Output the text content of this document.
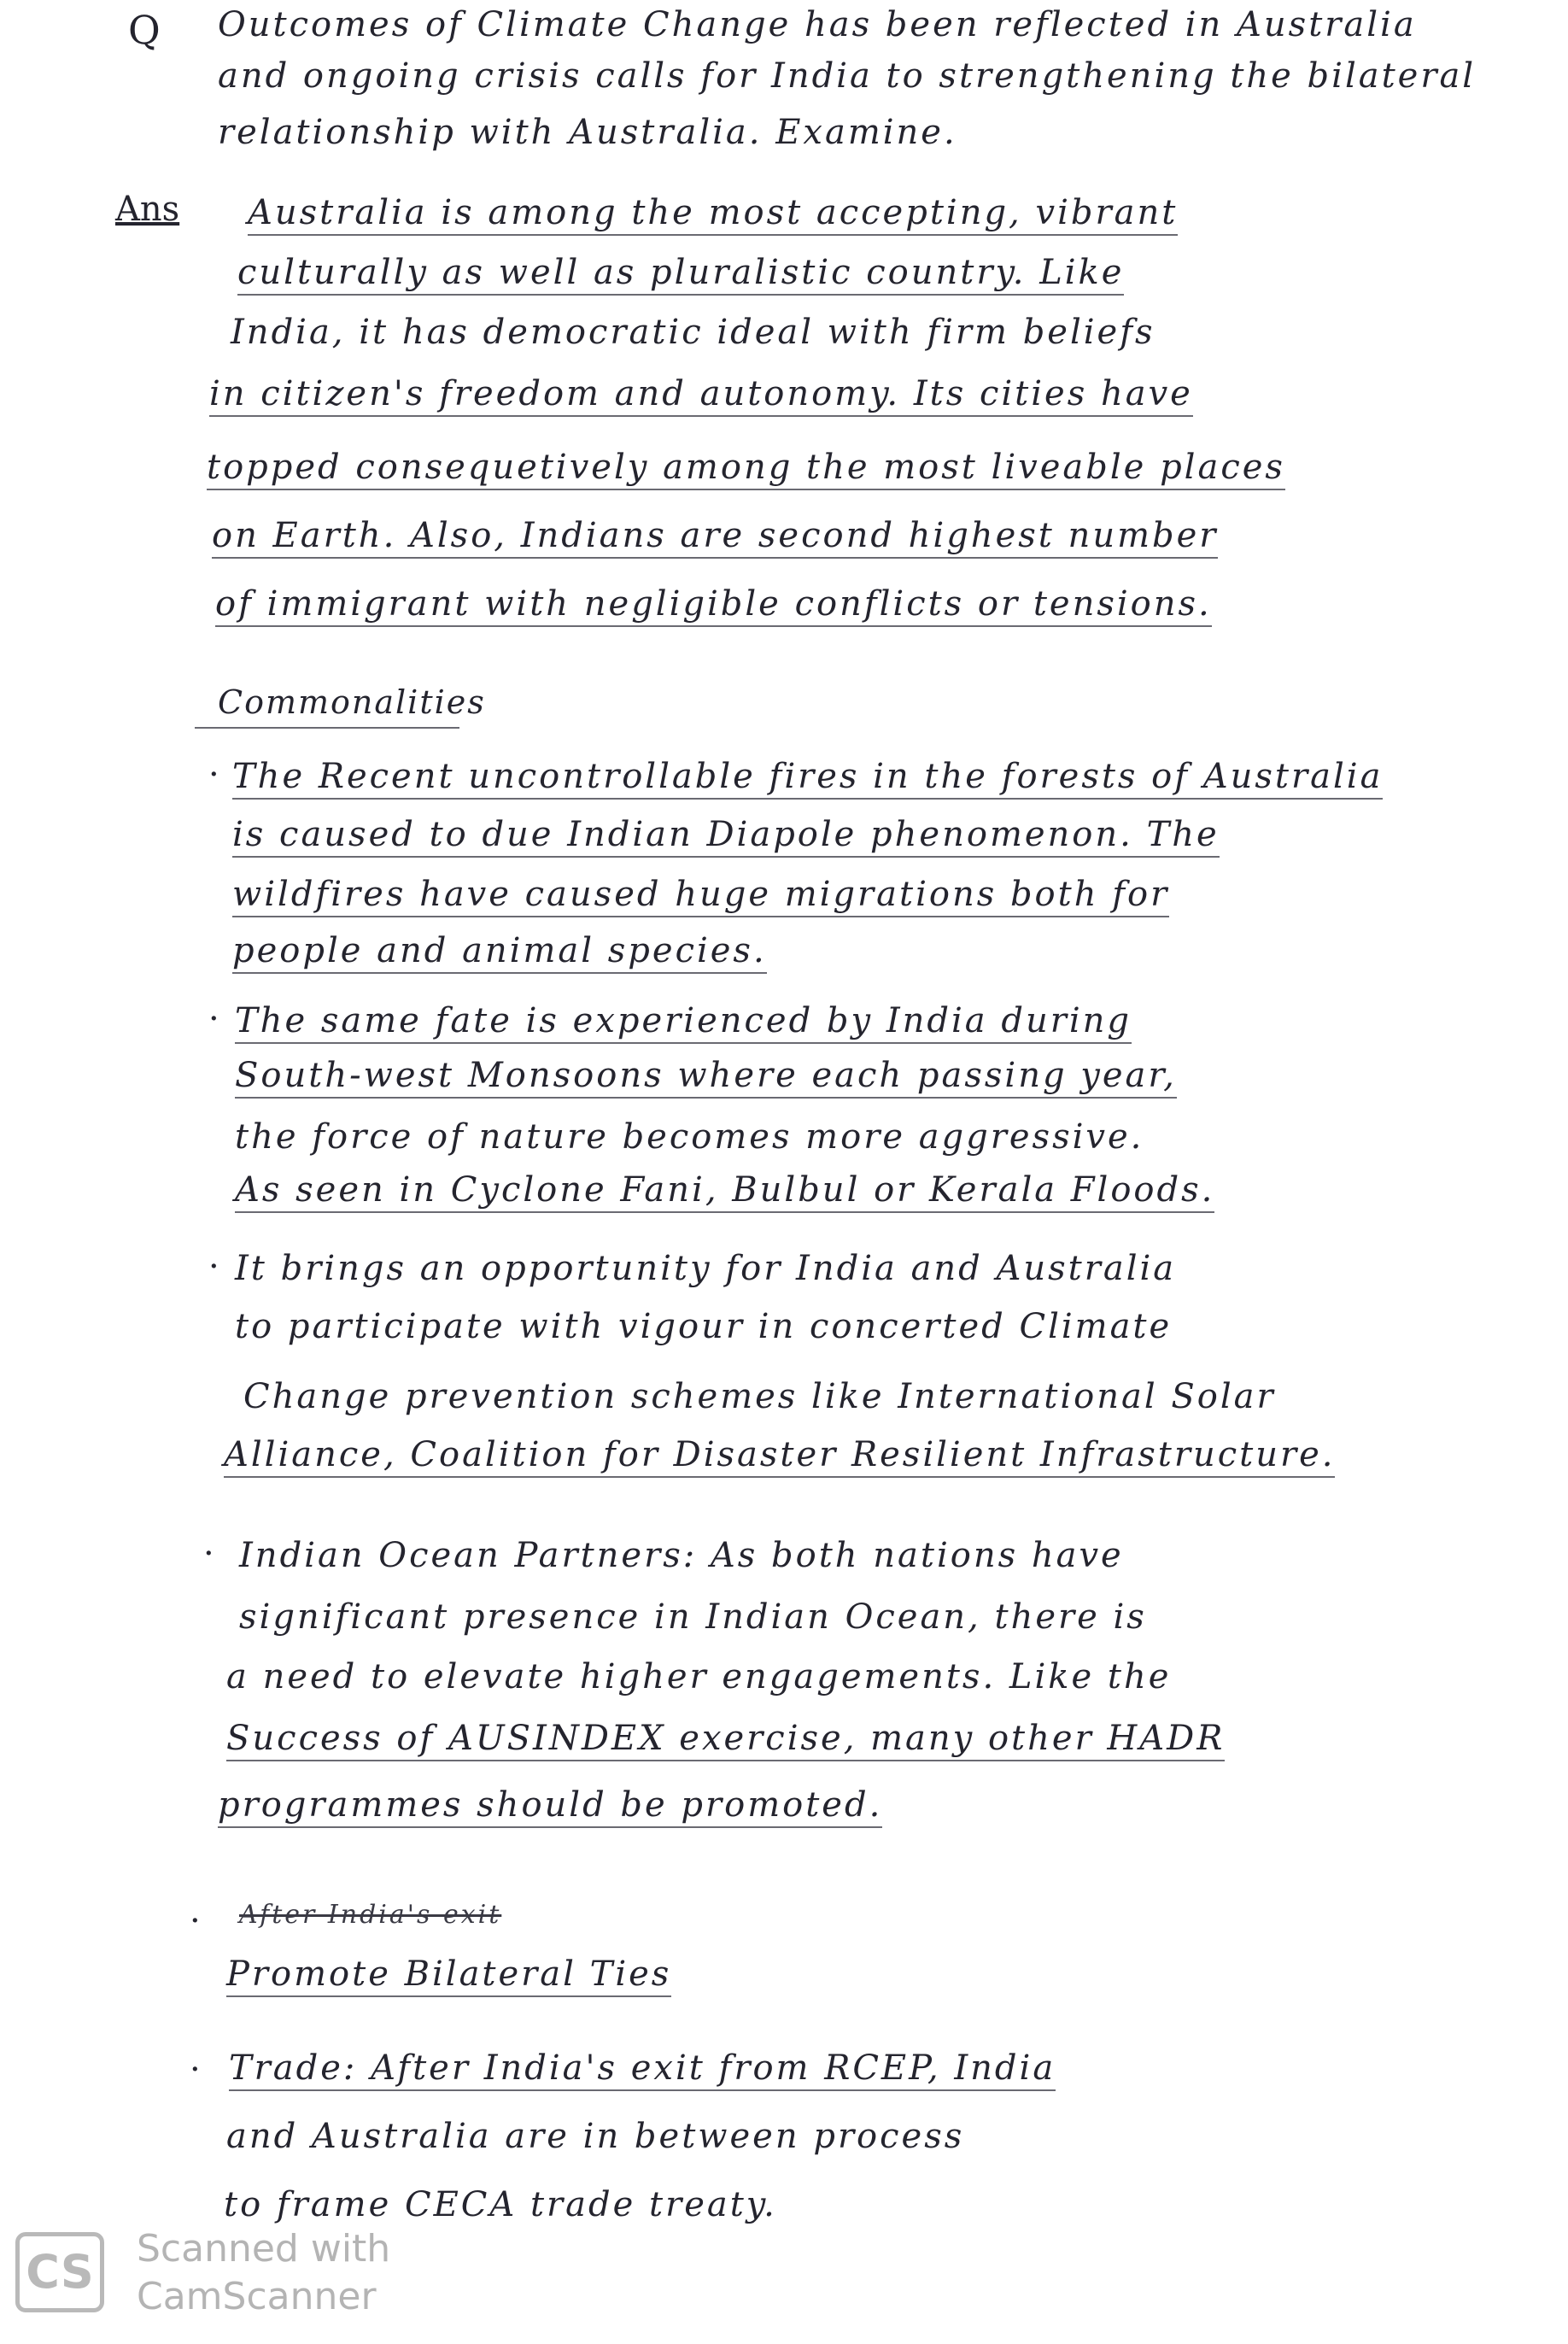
Q Outcomes of Climate Change has been reflected in Australia
and ongoing crisis calls for India to strengthening the bilateral
relationship with Australia. Examine.
Ans Australia is among the most accepting, vibrant
culturally as well as pluralistic country. Like
India, it has democratic ideal with firm beliefs
in citizen's freedom and autonomy. Its cities have
topped consequetively among the most liveable places
on Earth. Also, Indians are second highest number
of immigrant with negligible conflicts or tensions.
Commonalities
· The Recent uncontrollable fires in the forests of Australia
is caused to due Indian Diapole phenomenon. The
wildfires have caused huge migrations both for
people and animal species.
· The same fate is experienced by India during
South-west Monsoons where each passing year,
the force of nature becomes more aggressive.
As seen in Cyclone Fani, Bulbul or Kerala Floods.
· It brings an opportunity for India and Australia
to participate with vigour in concerted Climate
Change prevention schemes like International Solar
Alliance, Coalition for Disaster Resilient Infrastructure.
· Indian Ocean Partners: As both nations have
significant presence in Indian Ocean, there is
a need to elevate higher engagements. Like the
Success of AUSINDEX exercise, many other HADR
programmes should be promoted.
· After India's exit
Promote Bilateral Ties
· Trade: After India's exit from RCEP, India
and Australia are in between process
to frame CECA trade treaty.
CS Scanned with
CamScanner
